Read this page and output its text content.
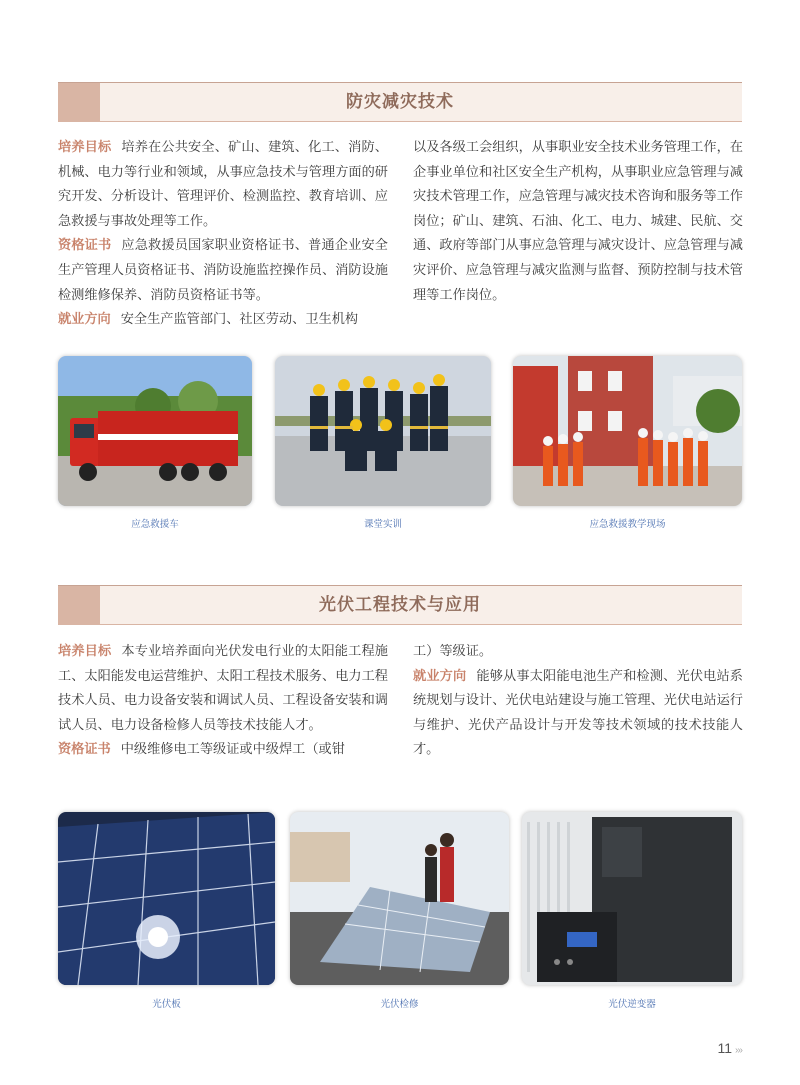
防灾减灾技术

培养目标 培养在公共安全、矿山、建筑、化工、消防、机械、电力等行业和领域，从事应急技术与管理方面的研究开发、分析设计、管理评价、检测监控、教育培训、应急救援与事故处理等工作。

资格证书 应急救援员国家职业资格证书、普通企业安全生产管理人员资格证书、消防设施监控操作员、消防设施检测维修保养、消防员资格证书等。

就业方向 安全生产监管部门、社区劳动、卫生机构

以及各级工会组织，从事职业安全技术业务管理工作，在企事业单位和社区安全生产机构，从事职业应急管理与减灾技术管理工作，应急管理与减灾技术咨询和服务等工作岗位；矿山、建筑、石油、化工、电力、城建、民航、交通、政府等部门从事应急管理与减灾设计、应急管理与减灾评价、应急管理与减灾监测与监督、预防控制与技术管理等工作岗位。

应急救援车	课堂实训	应急救援教学现场
光伏工程技术与应用

培养目标 本专业培养面向光伏发电行业的太阳能工程施工、太阳能发电运营维护、太阳工程技术服务、电力工程技术人员、电力设备安装和调试人员、工程设备安装和调试人员、电力设备检修人员等技术技能人才。

资格证书 中级维修电工等级证或中级焊工（或钳

工）等级证。

就业方向 能够从事太阳能电池生产和检测、光伏电站系统规划与设计、光伏电站建设与施工管理、光伏电站运行与维护、光伏产品设计与开发等技术领域的技术技能人才。

光伏板	光伏检修	光伏逆变器
11 ›››
